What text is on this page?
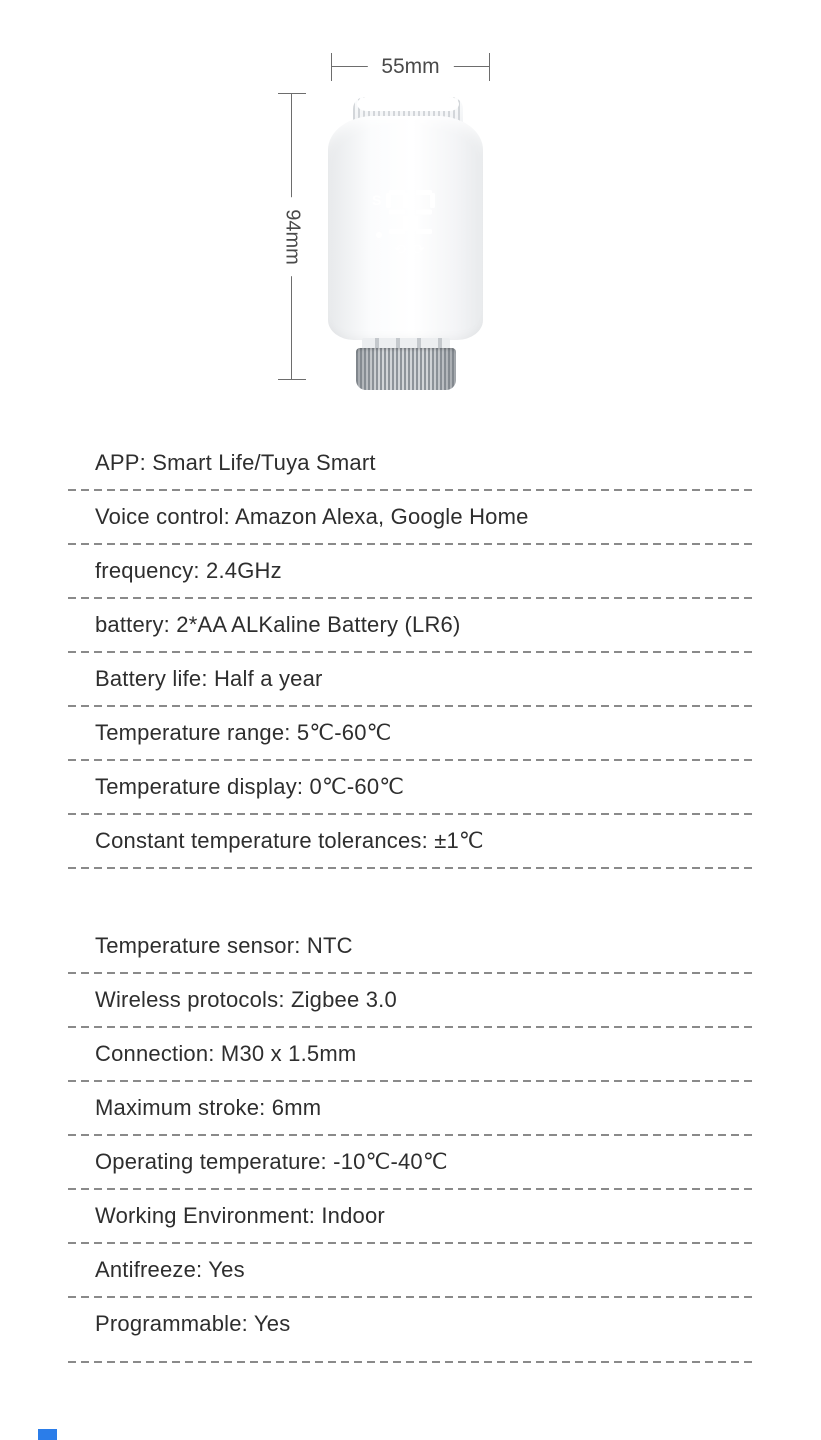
55mm
94mm
S
⟲ ⟳
APP: Smart Life/Tuya Smart
Voice control: Amazon Alexa, Google Home
frequency: 2.4GHz
battery: 2*AA ALKaline Battery (LR6)
Battery life: Half a year
Temperature range: 5℃-60℃
Temperature display: 0℃-60℃
Constant temperature tolerances: ±1℃
Temperature sensor: NTC
Wireless protocols: Zigbee 3.0
Connection: M30 x 1.5mm
Maximum stroke: 6mm
Operating temperature: -10℃-40℃
Working Environment: Indoor
Antifreeze: Yes
Programmable: Yes
